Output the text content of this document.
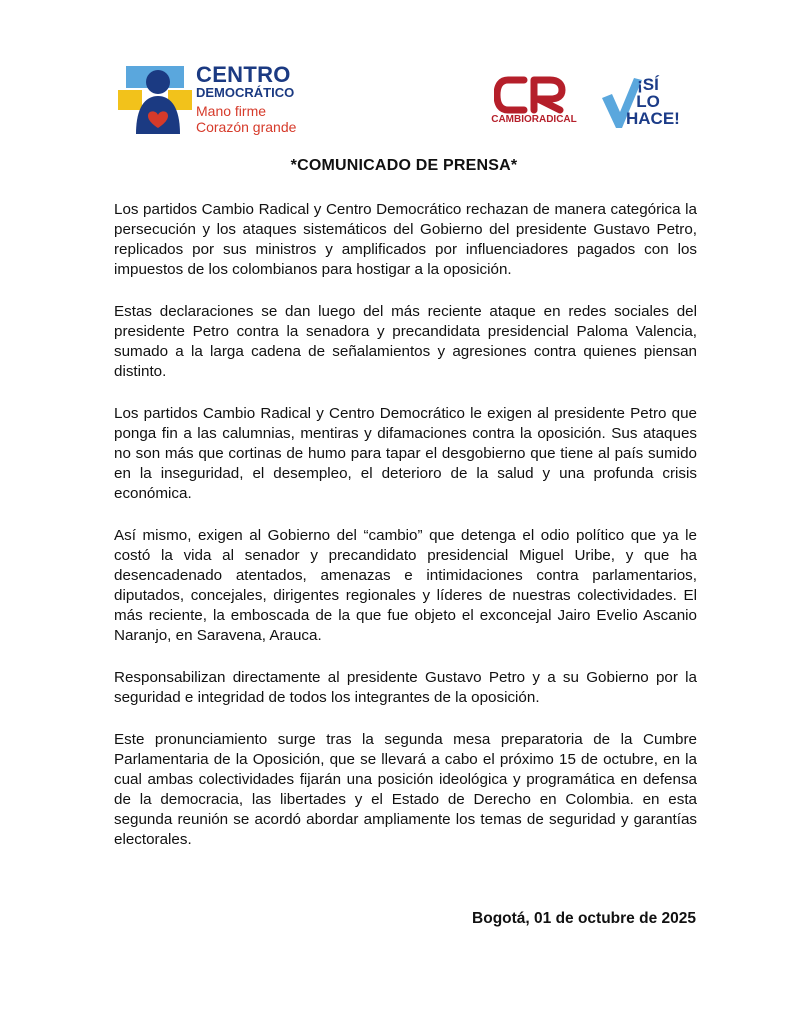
CENTRO
DEMOCRÁTICO
Mano firme
Corazón grande	CAMBIORADICAL
¡SÍ
LO
HACE!
*COMUNICADO DE PRENSA*

Los partidos Cambio Radical y Centro Democrático rechazan de manera categórica la persecución y los ataques sistemáticos del Gobierno del presidente Gustavo Petro, replicados por sus ministros y amplificados por influenciadores pagados con los impuestos de los colombianos para hostigar a la oposición.

Estas declaraciones se dan luego del más reciente ataque en redes sociales del presidente Petro contra la senadora y precandidata presidencial Paloma Valencia, sumado a la larga cadena de señalamientos y agresiones contra quienes piensan distinto.

Los partidos Cambio Radical y Centro Democrático le exigen al presidente Petro que ponga fin a las calumnias, mentiras y difamaciones contra la oposición. Sus ataques no son más que cortinas de humo para tapar el desgobierno que tiene al país sumido en la inseguridad, el desempleo, el deterioro de la salud y una profunda crisis económica.

Así mismo, exigen al Gobierno del “cambio” que detenga el odio político que ya le costó la vida al senador y precandidato presidencial Miguel Uribe, y que ha desencadenado atentados, amenazas e intimidaciones contra parlamentarios, diputados, concejales, dirigentes regionales y líderes de nuestras colectividades. El más reciente, la emboscada de la que fue objeto el exconcejal Jairo Evelio Ascanio Naranjo, en Saravena, Arauca.

Responsabilizan directamente al presidente Gustavo Petro y a su Gobierno por la seguridad e integridad de todos los integrantes de la oposición.

Este pronunciamiento surge tras la segunda mesa preparatoria de la Cumbre Parlamentaria de la Oposición, que se llevará a cabo el próximo 15 de octubre, en la cual ambas colectividades fijarán una posición ideológica y programática en defensa de la democracia, las libertades y el Estado de Derecho en Colombia. en esta segunda reunión se acordó abordar ampliamente los temas de seguridad y garantías electorales.

Bogotá, 01 de octubre de 2025
